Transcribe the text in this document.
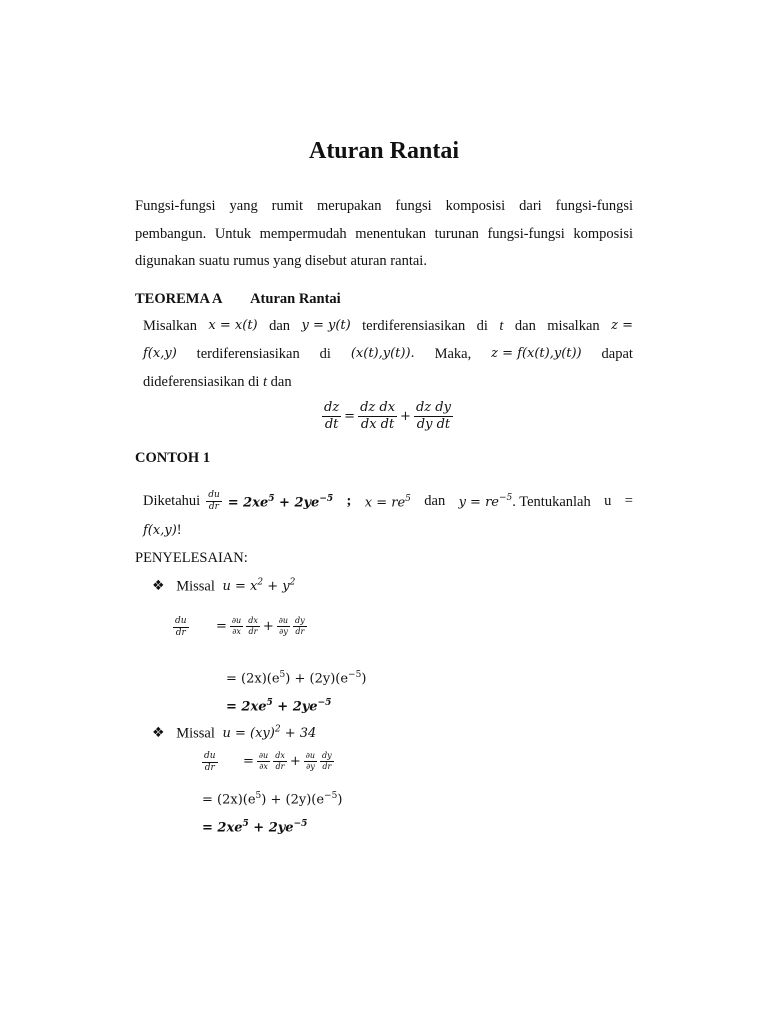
Aturan Rantai
Fungsi-fungsi yang rumit merupakan fungsi komposisi dari fungsi-fungsi
pembangun. Untuk mempermudah menentukan turunan fungsi-fungsi komposisi
digunakan suatu rumus yang disebut aturan rantai.
TEOREMA A Aturan Rantai
Misalkan x = x(t) dan y = y(t) terdiferensiasikan di t dan misalkan z =
f(x,y) terdiferensiasikan di (x(t),y(t)). Maka, z = f(x(t),y(t)) dapat
dideferensiasikan di t dan
$\frac{dz}{dt} = \frac{\text{dz dx}}{\text{dx dt}} + \frac{\text{dz dy}}{\text{dy dt}}$
CONTOH 1
Diketahui $\frac{du}{dr} = 2xe^5 + 2ye^{-5}$ ; $x = re^5$ dan $y = re^{-5}$. Tentukanlah u =
f(x,y)!
PENYELESAIAN:
❖ Missal $u = x^2 + y^2$
$\frac{du}{dr} = \frac{\partial u}{\partial x} \frac{dx}{dr} + \frac{\partial u}{\partial y} \frac{dy}{dr}$
= $(2x)(e^5) + (2y)(e^{-5})$
= $2xe^5 + 2ye^{-5}$
❖ Missal u = (xy)$^2$ + 34
$\frac{du}{dr} = \frac{\partial u}{\partial x} \frac{dx}{dr} + \frac{\partial u}{\partial y} \frac{dy}{dr}$
= $(2x)(e^5) + (2y)(e^{-5})$
= $2xe^5 + 2ye^{-5}$
